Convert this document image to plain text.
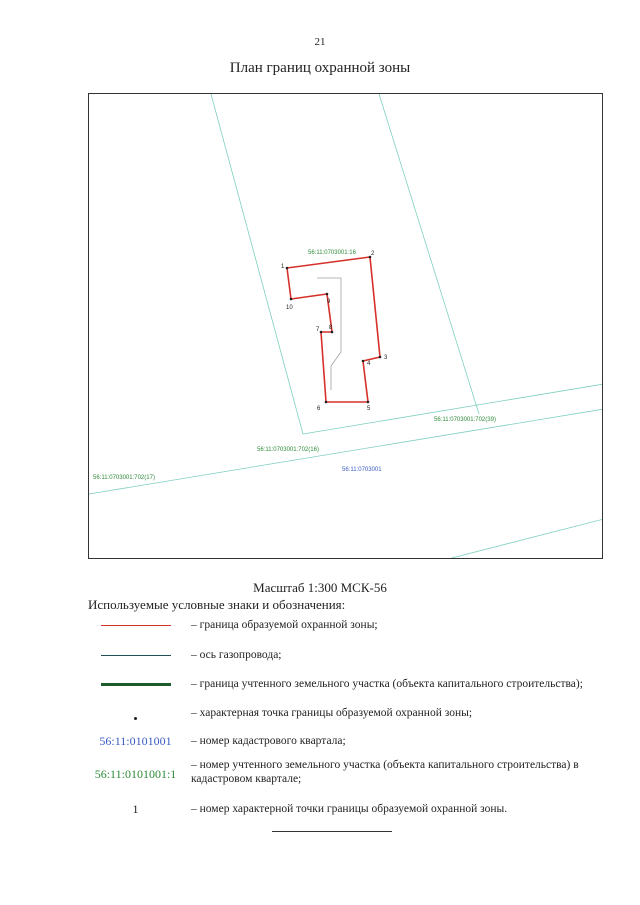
21
План границ охранной зоны
1
2
3
4
5
6
7 8
9
10
56:11:0703001:16
56:11:0703001:702(39)
56:11:0703001:702(16)
56:11:0703001:702(17)
56:11:0703001
Масштаб 1:300 МСК-56
Используемые условные знаки и обозначения:
– граница образуемой охранной зоны;
– ось газопровода;
– граница учтенного земельного участка (объекта капитального строительства);
– характерная точка границы образуемой охранной зоны;
56:11:0101001 – номер кадастрового квартала;
56:11:0101001:1
– номер учтенного земельного участка (объекта капитального строительства) в кадастровом квартале;
1	– номер характерной точки границы образуемой охранной зоны.
